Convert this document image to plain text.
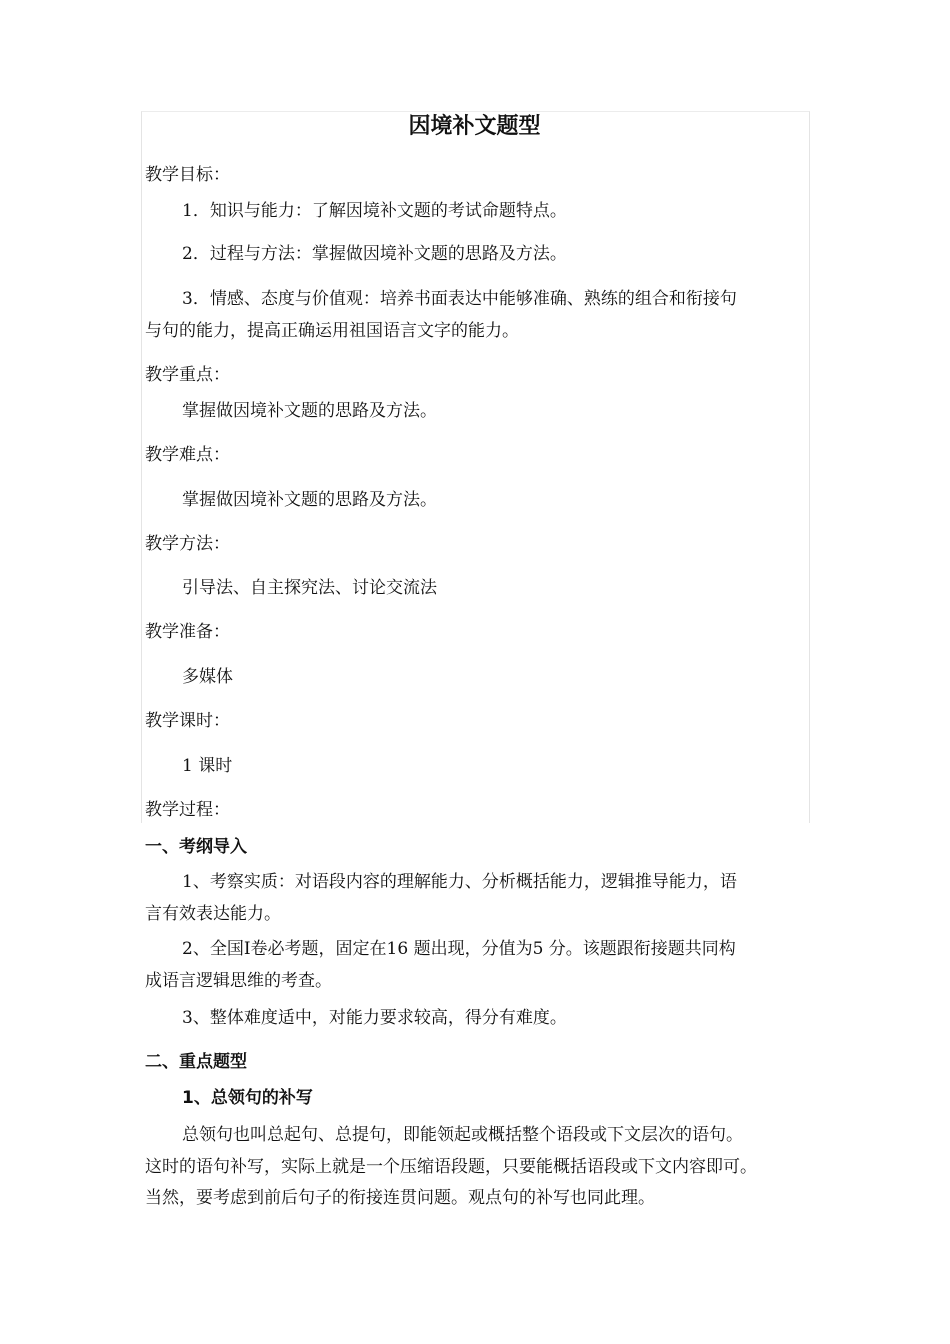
因境补文题型
教学目标：
1．知识与能力：了解因境补文题的考试命题特点。
2．过程与方法：掌握做因境补文题的思路及方法。
3．情感、态度与价值观：培养书面表达中能够准确、熟练的组合和衔接句
与句的能力，提高正确运用祖国语言文字的能力。
教学重点：
掌握做因境补文题的思路及方法。
教学难点：
掌握做因境补文题的思路及方法。
教学方法：
引导法、自主探究法、讨论交流法
教学准备：
多媒体
教学课时：
1 课时
教学过程：
一、考纲导入
1、考察实质：对语段内容的理解能力、分析概括能力，逻辑推导能力，语
言有效表达能力。
2、全国Ⅰ卷必考题，固定在16 题出现，分值为5 分。该题跟衔接题共同构
成语言逻辑思维的考查。
3、整体难度适中，对能力要求较高，得分有难度。
二、重点题型
1、总领句的补写
总领句也叫总起句、总提句，即能领起或概括整个语段或下文层次的语句。
这时的语句补写，实际上就是一个压缩语段题，只要能概括语段或下文内容即可。
当然，要考虑到前后句子的衔接连贯问题。观点句的补写也同此理。
